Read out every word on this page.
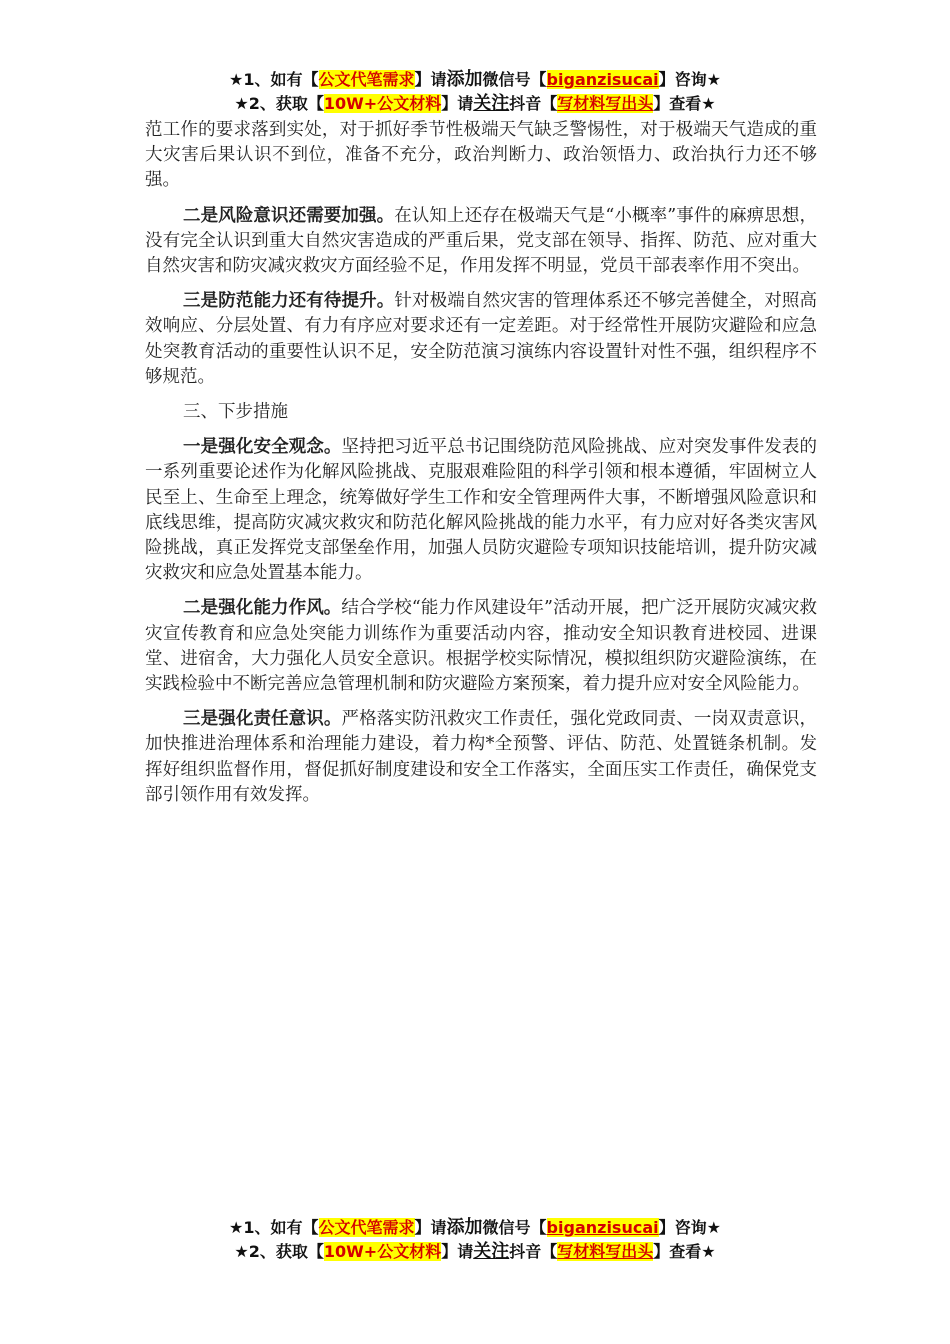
★1、如有【公文代笔需求】请添加微信号【biganzisucai】咨询★
★2、获取【10W+公文材料】请关注抖音【写材料写出头】查看★

范工作的要求落到实处，对于抓好季节性极端天气缺乏警惕性，对于极端天气造成的重大灾害后果认识不到位，准备不充分，政治判断力、政治领悟力、政治执行力还不够强。

二是风险意识还需要加强。在认知上还存在极端天气是“小概率”事件的麻痹思想，没有完全认识到重大自然灾害造成的严重后果，党支部在领导、指挥、防范、应对重大自然灾害和防灾减灾救灾方面经验不足，作用发挥不明显，党员干部表率作用不突出。

三是防范能力还有待提升。针对极端自然灾害的管理体系还不够完善健全，对照高效响应、分层处置、有力有序应对要求还有一定差距。对于经常性开展防灾避险和应急处突教育活动的重要性认识不足，安全防范演习演练内容设置针对性不强，组织程序不够规范。

三、下步措施

一是强化安全观念。坚持把习近平总书记围绕防范风险挑战、应对突发事件发表的一系列重要论述作为化解风险挑战、克服艰难险阻的科学引领和根本遵循，牢固树立人民至上、生命至上理念，统筹做好学生工作和安全管理两件大事，不断增强风险意识和底线思维，提高防灾减灾救灾和防范化解风险挑战的能力水平，有力应对好各类灾害风险挑战，真正发挥党支部堡垒作用，加强人员防灾避险专项知识技能培训，提升防灾减灾救灾和应急处置基本能力。

二是强化能力作风。结合学校“能力作风建设年”活动开展，把广泛开展防灾减灾救灾宣传教育和应急处突能力训练作为重要活动内容，推动安全知识教育进校园、进课堂、进宿舍，大力强化人员安全意识。根据学校实际情况，模拟组织防灾避险演练，在实践检验中不断完善应急管理机制和防灾避险方案预案，着力提升应对安全风险能力。

三是强化责任意识。严格落实防汛救灾工作责任，强化党政同责、一岗双责意识，加快推进治理体系和治理能力建设，着力构*全预警、评估、防范、处置链条机制。发挥好组织监督作用，督促抓好制度建设和安全工作落实，全面压实工作责任，确保党支部引领作用有效发挥。

★1、如有【公文代笔需求】请添加微信号【biganzisucai】咨询★
★2、获取【10W+公文材料】请关注抖音【写材料写出头】查看★
